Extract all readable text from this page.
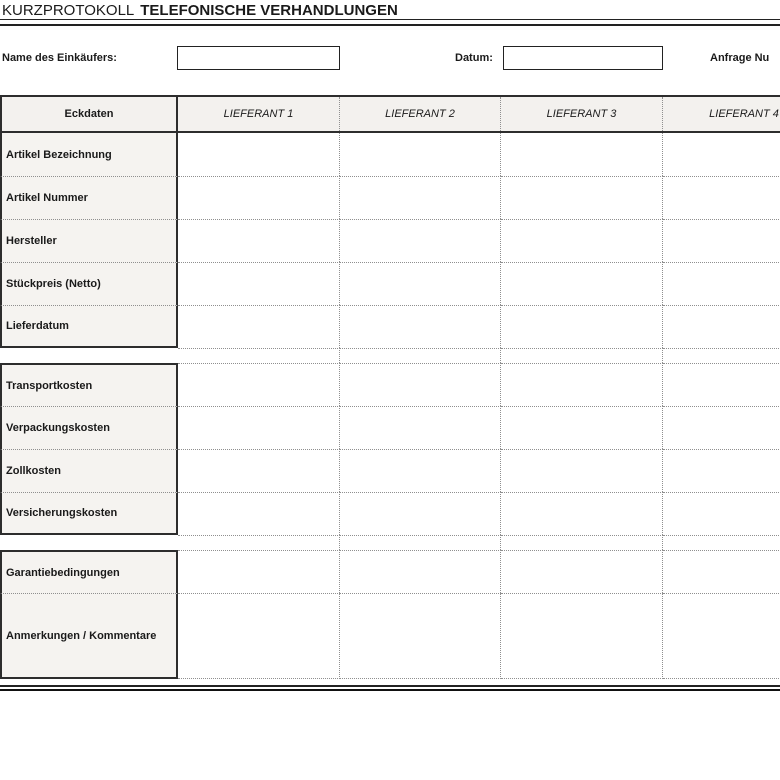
KURZPROTOKOLL TELEFONISCHE VERHANDLUNGEN
Name des Einkäufers:	Datum:	Anfrage Nu
Eckdaten	LIEFERANT 1	LIEFERANT 2	LIEFERANT 3	LIEFERANT 4
Artikel Bezeichnung
Artikel Nummer
Hersteller
Stückpreis (Netto)
Lieferdatum
Transportkosten
Verpackungskosten
Zollkosten
Versicherungskosten
Garantiebedingungen
Anmerkungen / Kommentare
